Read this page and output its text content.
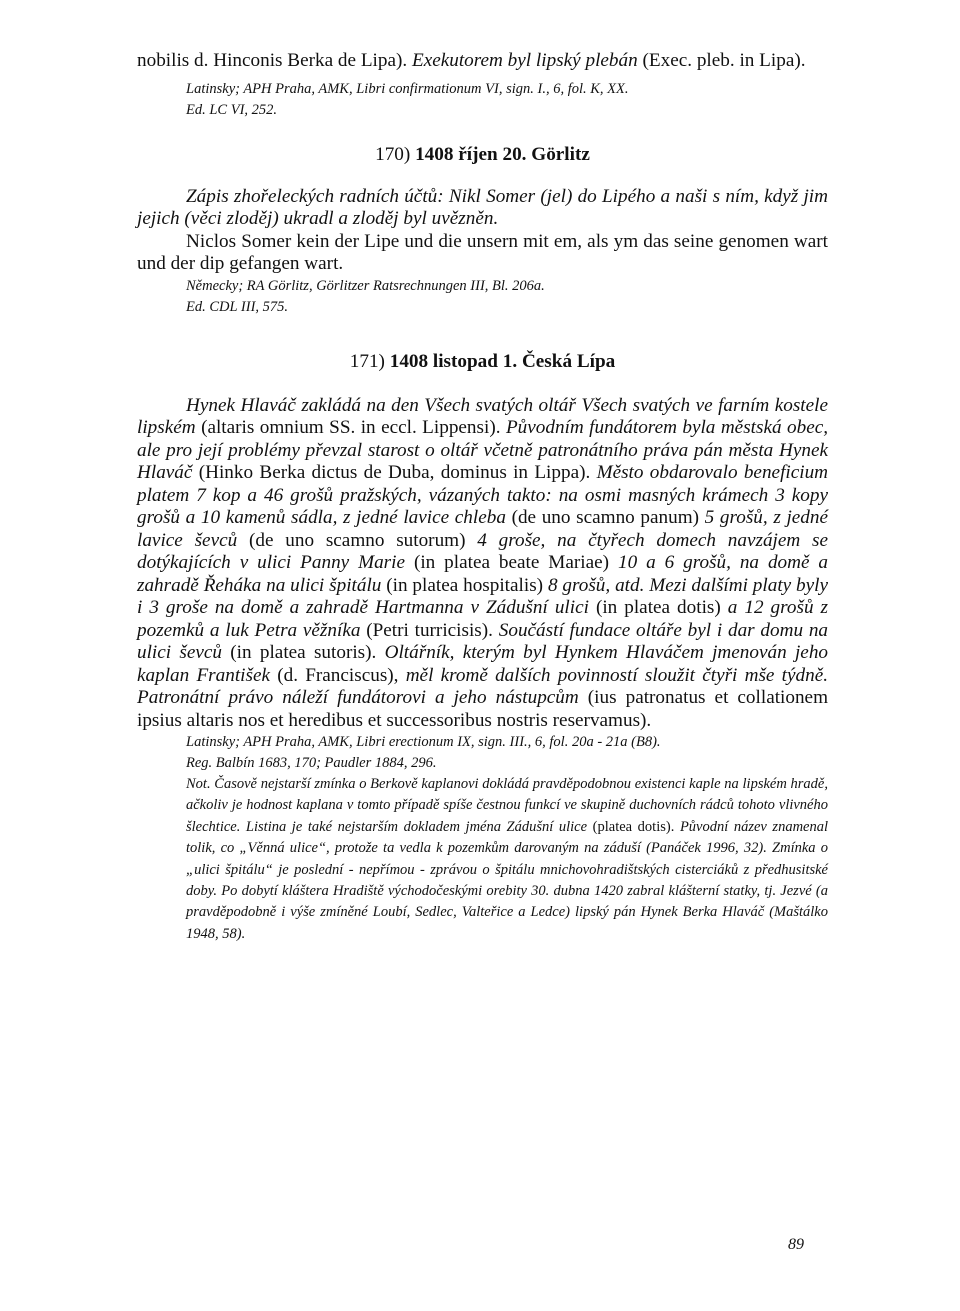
nobilis d. Hinconis Berka de Lipa). Exekutorem byl lipský plebán (Exec. pleb. in Lipa).

Latinsky; APH Praha, AMK, Libri confirmationum VI, sign. I., 6, fol. K, XX.

Ed. LC VI, 252.

170) 1408 říjen 20. Görlitz

Zápis zhořeleckých radních účtů: Nikl Somer (jel) do Lipého a naši s ním, když jim jejich (věci zloděj) ukradl a zloděj byl uvězněn.

Niclos Somer kein der Lipe und die unsern mit em, als ym das seine genomen wart und der dip gefangen wart.

Německy; RA Görlitz, Görlitzer Ratsrechnungen III, Bl. 206a.

Ed. CDL III, 575.

171) 1408 listopad 1. Česká Lípa

Hynek Hlaváč zakládá na den Všech svatých oltář Všech svatých ve farním kostele lipském (altaris omnium SS. in eccl. Lippensi). Původním fundátorem byla městská obec, ale pro její problémy převzal starost o oltář včetně patronátního práva pán města Hynek Hlaváč (Hinko Berka dictus de Duba, dominus in Lippa). Město obdarovalo beneficium platem 7 kop a 46 grošů pražských, vázaných takto: na osmi masných krámech 3 kopy grošů a 10 kamenů sádla, z jedné lavice chleba (de uno scamno panum) 5 grošů, z jedné lavice ševců (de uno scamno sutorum) 4 groše, na čtyřech domech navzájem se dotýkajících v ulici Panny Marie (in platea beate Mariae) 10 a 6 grošů, na domě a zahradě Řeháka na ulici špitálu (in platea hospitalis) 8 grošů, atd. Mezi dalšími platy byly i 3 groše na domě a zahradě Hartmanna v Zádušní ulici (in platea dotis) a 12 grošů z pozemků a luk Petra věžníka (Petri turricisis). Součástí fundace oltáře byl i dar domu na ulici ševců (in platea sutoris). Oltářník, kterým byl Hynkem Hlaváčem jmenován jeho kaplan František (d. Franciscus), měl kromě dalších povinností sloužit čtyři mše týdně. Patronátní právo náleží fundátorovi a jeho nástupcům (ius patronatus et collationem ipsius altaris nos et heredibus et successoribus nostris reservamus).

Latinsky; APH Praha, AMK, Libri erectionum IX, sign. III., 6, fol. 20a - 21a (B8).

Reg. Balbín 1683, 170; Paudler 1884, 296.

Not. Časově nejstarší zmínka o Berkově kaplanovi dokládá pravděpodobnou existenci kaple na lipském hradě, ačkoliv je hodnost kaplana v tomto případě spíše čestnou funkcí ve skupině duchovních rádců tohoto vlivného šlechtice. Listina je také nejstarším dokladem jména Zádušní ulice (platea dotis). Původní název znamenal tolik, co „Věnná ulice“, protože ta vedla k pozemkům darovaným na záduší (Panáček 1996, 32). Zmínka o „ulici špitálu“ je poslední - nepřímou - zprávou o špitálu mnichovohradištských cisterciáků z předhusitské doby. Po dobytí kláštera Hradiště východočeskými orebity 30. dubna 1420 zabral klášterní statky, tj. Jezvé (a pravděpodobně i výše zmíněné Loubí, Sedlec, Valteřice a Ledce) lipský pán Hynek Berka Hlaváč (Maštálko 1948, 58).

89
